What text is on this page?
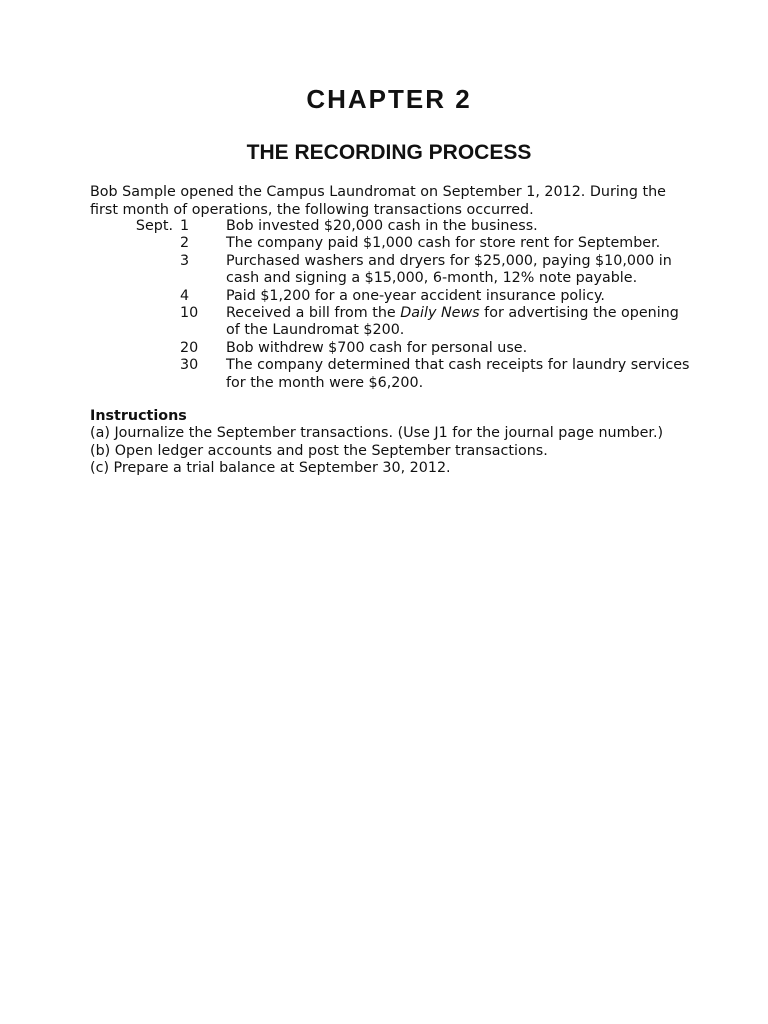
CHAPTER 2
THE RECORDING PROCESS
Bob Sample opened the Campus Laundromat on September 1, 2012. During the first month of operations, the following transactions occurred.
Sept. 1	Bob invested $20,000 cash in the business.
2	The company paid $1,000 cash for store rent for September.
3	Purchased washers and dryers for $25,000, paying $10,000 in cash and signing a $15,000, 6-month, 12% note payable.
4	Paid $1,200 for a one-year accident insurance policy.
10	Received a bill from the Daily News for advertising the opening of the Laundromat $200.
20	Bob withdrew $700 cash for personal use.
30	The company determined that cash receipts for laundry services for the month were $6,200.
Instructions
(a) Journalize the September transactions. (Use J1 for the journal page number.)
(b) Open ledger accounts and post the September transactions.
(c) Prepare a trial balance at September 30, 2012.
